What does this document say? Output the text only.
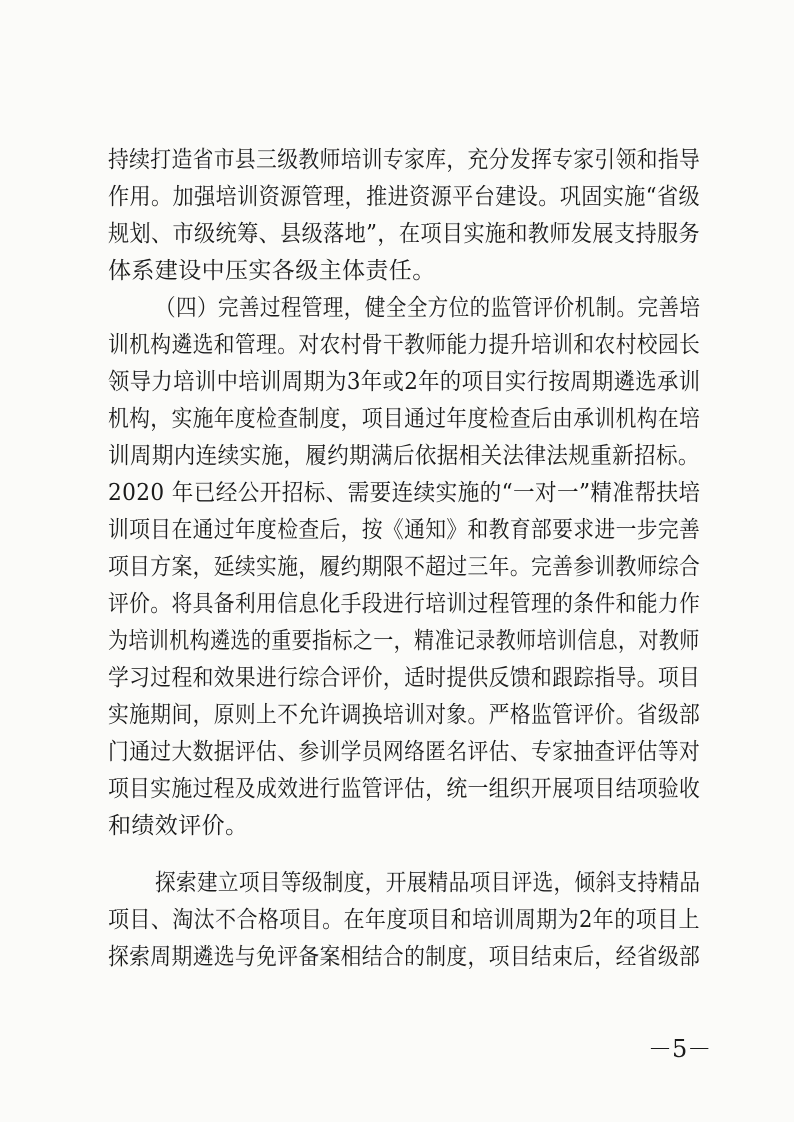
持续打造省市县三级教师培训专家库，充分发挥专家引领和指导
作用。加强培训资源管理，推进资源平台建设。巩固实施“省级
规划、市级统筹、县级落地”，在项目实施和教师发展支持服务
体系建设中压实各级主体责任。
（四）完善过程管理，健全全方位的监管评价机制。完善培
训机构遴选和管理。对农村骨干教师能力提升培训和农村校园长
领导力培训中培训周期为3年或2年的项目实行按周期遴选承训
机构，实施年度检查制度，项目通过年度检查后由承训机构在培
训周期内连续实施，履约期满后依据相关法律法规重新招标。
2020 年已经公开招标、需要连续实施的“一对一”精准帮扶培
训项目在通过年度检查后，按《通知》和教育部要求进一步完善
项目方案，延续实施，履约期限不超过三年。完善参训教师综合
评价。将具备利用信息化手段进行培训过程管理的条件和能力作
为培训机构遴选的重要指标之一，精准记录教师培训信息，对教师
学习过程和效果进行综合评价，适时提供反馈和跟踪指导。项目
实施期间，原则上不允许调换培训对象。严格监管评价。省级部
门通过大数据评估、参训学员网络匿名评估、专家抽查评估等对
项目实施过程及成效进行监管评估，统一组织开展项目结项验收
和绩效评价。
探索建立项目等级制度，开展精品项目评选，倾斜支持精品
项目、淘汰不合格项目。在年度项目和培训周期为2年的项目上
探索周期遴选与免评备案相结合的制度，项目结束后，经省级部
－5－
